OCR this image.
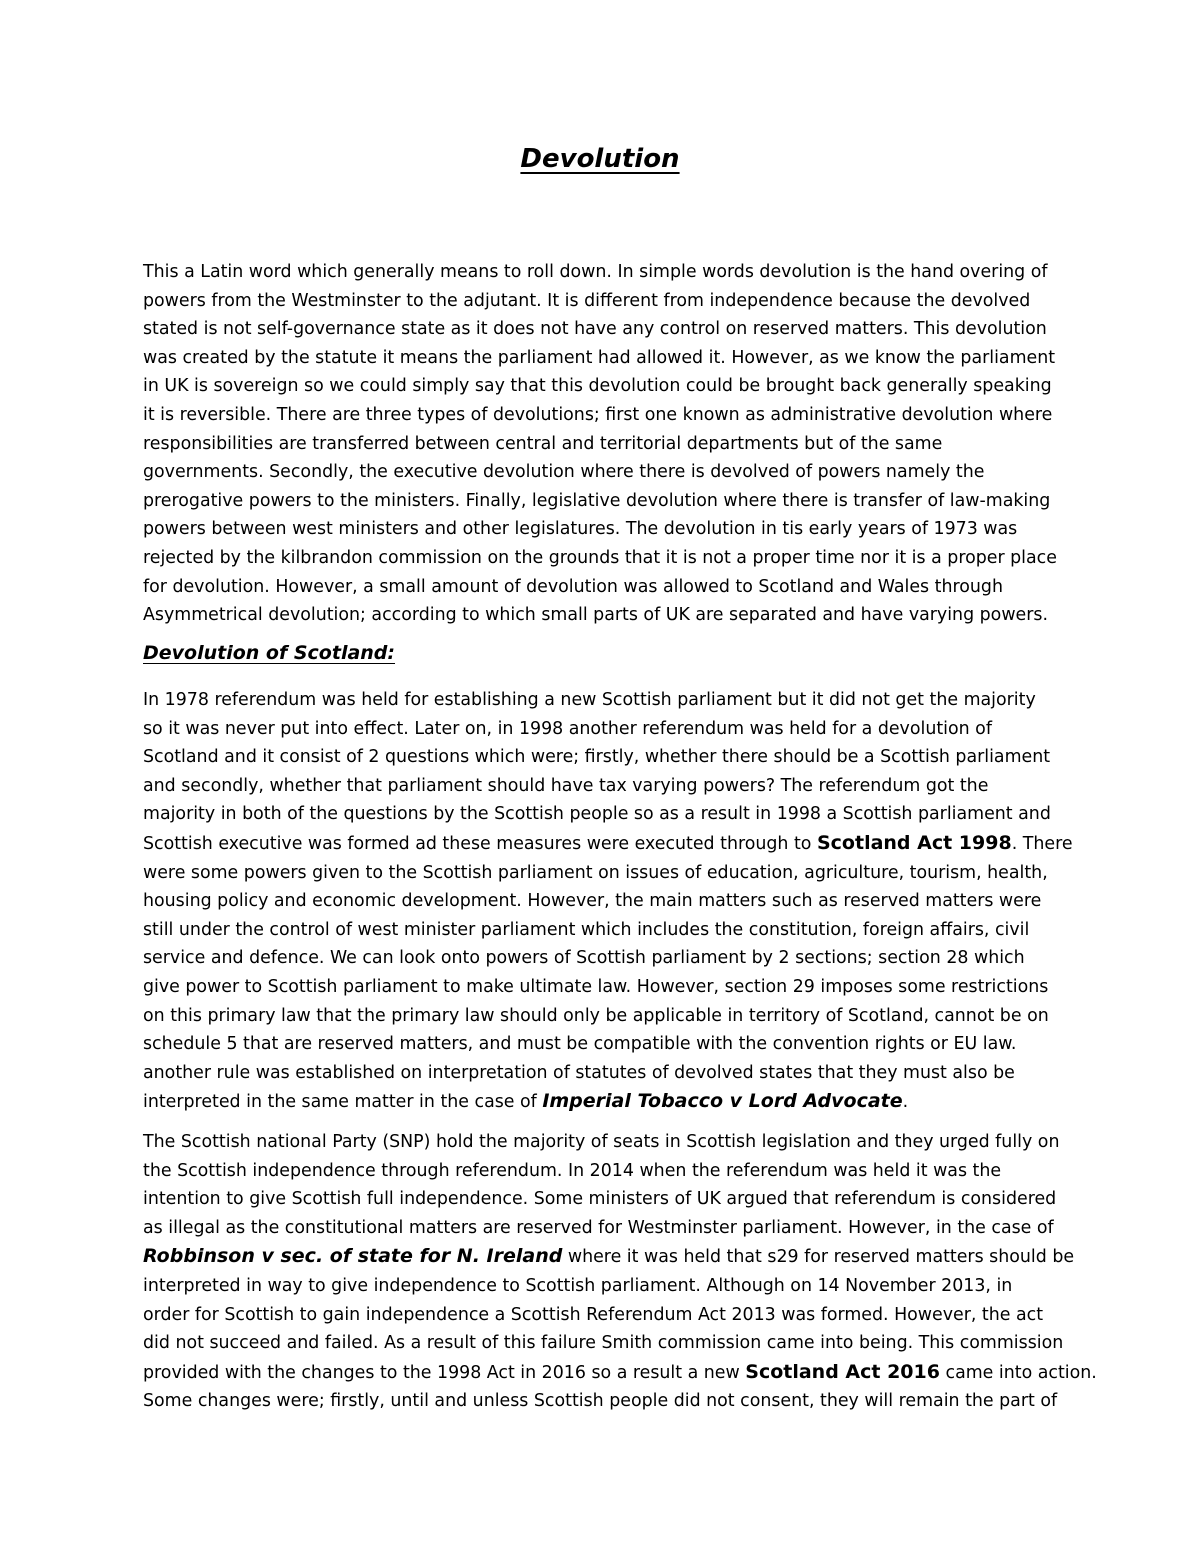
Devolution

This a Latin word which generally means to roll down. In simple words devolution is the hand overing of
powers from the Westminster to the adjutant. It is different from independence because the devolved
stated is not self-governance state as it does not have any control on reserved matters. This devolution
was created by the statute it means the parliament had allowed it. However, as we know the parliament
in UK is sovereign so we could simply say that this devolution could be brought back generally speaking
it is reversible. There are three types of devolutions; first one known as administrative devolution where
responsibilities are transferred between central and territorial departments but of the same
governments. Secondly, the executive devolution where there is devolved of powers namely the
prerogative powers to the ministers. Finally, legislative devolution where there is transfer of law-making
powers between west ministers and other legislatures. The devolution in tis early years of 1973 was
rejected by the kilbrandon commission on the grounds that it is not a proper time nor it is a proper place
for devolution. However, a small amount of devolution was allowed to Scotland and Wales through
Asymmetrical devolution; according to which small parts of UK are separated and have varying powers.

Devolution of Scotland:

In 1978 referendum was held for establishing a new Scottish parliament but it did not get the majority
so it was never put into effect. Later on, in 1998 another referendum was held for a devolution of
Scotland and it consist of 2 questions which were; firstly, whether there should be a Scottish parliament
and secondly, whether that parliament should have tax varying powers? The referendum got the
majority in both of the questions by the Scottish people so as a result in 1998 a Scottish parliament and
Scottish executive was formed ad these measures were executed through to Scotland Act 1998. There
were some powers given to the Scottish parliament on issues of education, agriculture, tourism, health,
housing policy and economic development. However, the main matters such as reserved matters were
still under the control of west minister parliament which includes the constitution, foreign affairs, civil
service and defence. We can look onto powers of Scottish parliament by 2 sections; section 28 which
give power to Scottish parliament to make ultimate law. However, section 29 imposes some restrictions
on this primary law that the primary law should only be applicable in territory of Scotland, cannot be on
schedule 5 that are reserved matters, and must be compatible with the convention rights or EU law.
another rule was established on interpretation of statutes of devolved states that they must also be
interpreted in the same matter in the case of Imperial Tobacco v Lord Advocate.

The Scottish national Party (SNP) hold the majority of seats in Scottish legislation and they urged fully on
the Scottish independence through referendum. In 2014 when the referendum was held it was the
intention to give Scottish full independence. Some ministers of UK argued that referendum is considered
as illegal as the constitutional matters are reserved for Westminster parliament. However, in the case of
Robbinson v sec. of state for N. Ireland where it was held that s29 for reserved matters should be
interpreted in way to give independence to Scottish parliament. Although on 14 November 2013, in
order for Scottish to gain independence a Scottish Referendum Act 2013 was formed. However, the act
did not succeed and failed. As a result of this failure Smith commission came into being. This commission
provided with the changes to the 1998 Act in 2016 so a result a new Scotland Act 2016 came into action.
Some changes were; firstly, until and unless Scottish people did not consent, they will remain the part of
